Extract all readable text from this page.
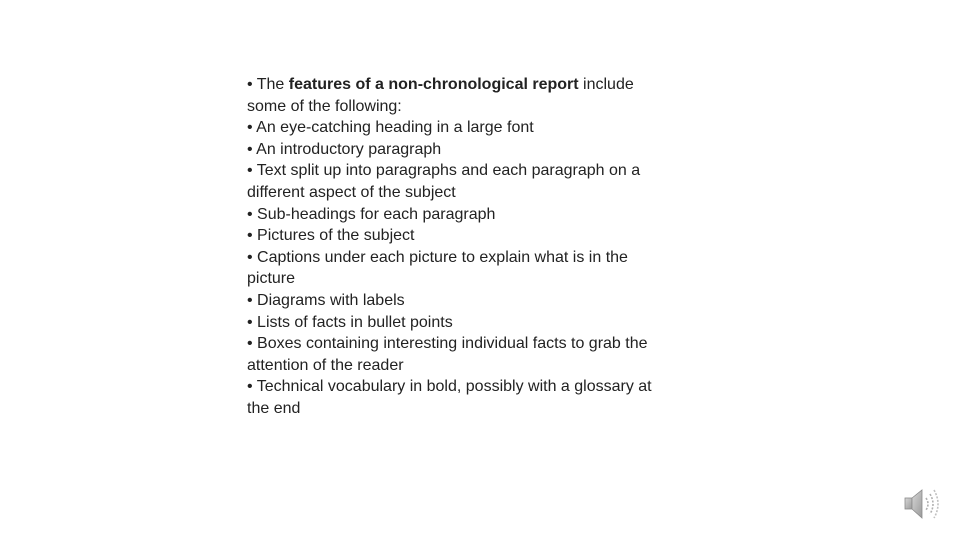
• The features of a non-chronological report include
some of the following:
• An eye-catching heading in a large font
• An introductory paragraph
• Text split up into paragraphs and each paragraph on a
different aspect of the subject
• Sub-headings for each paragraph
• Pictures of the subject
• Captions under each picture to explain what is in the
picture
• Diagrams with labels
• Lists of facts in bullet points
• Boxes containing interesting individual facts to grab the
attention of the reader
• Technical vocabulary in bold, possibly with a glossary at
the end
